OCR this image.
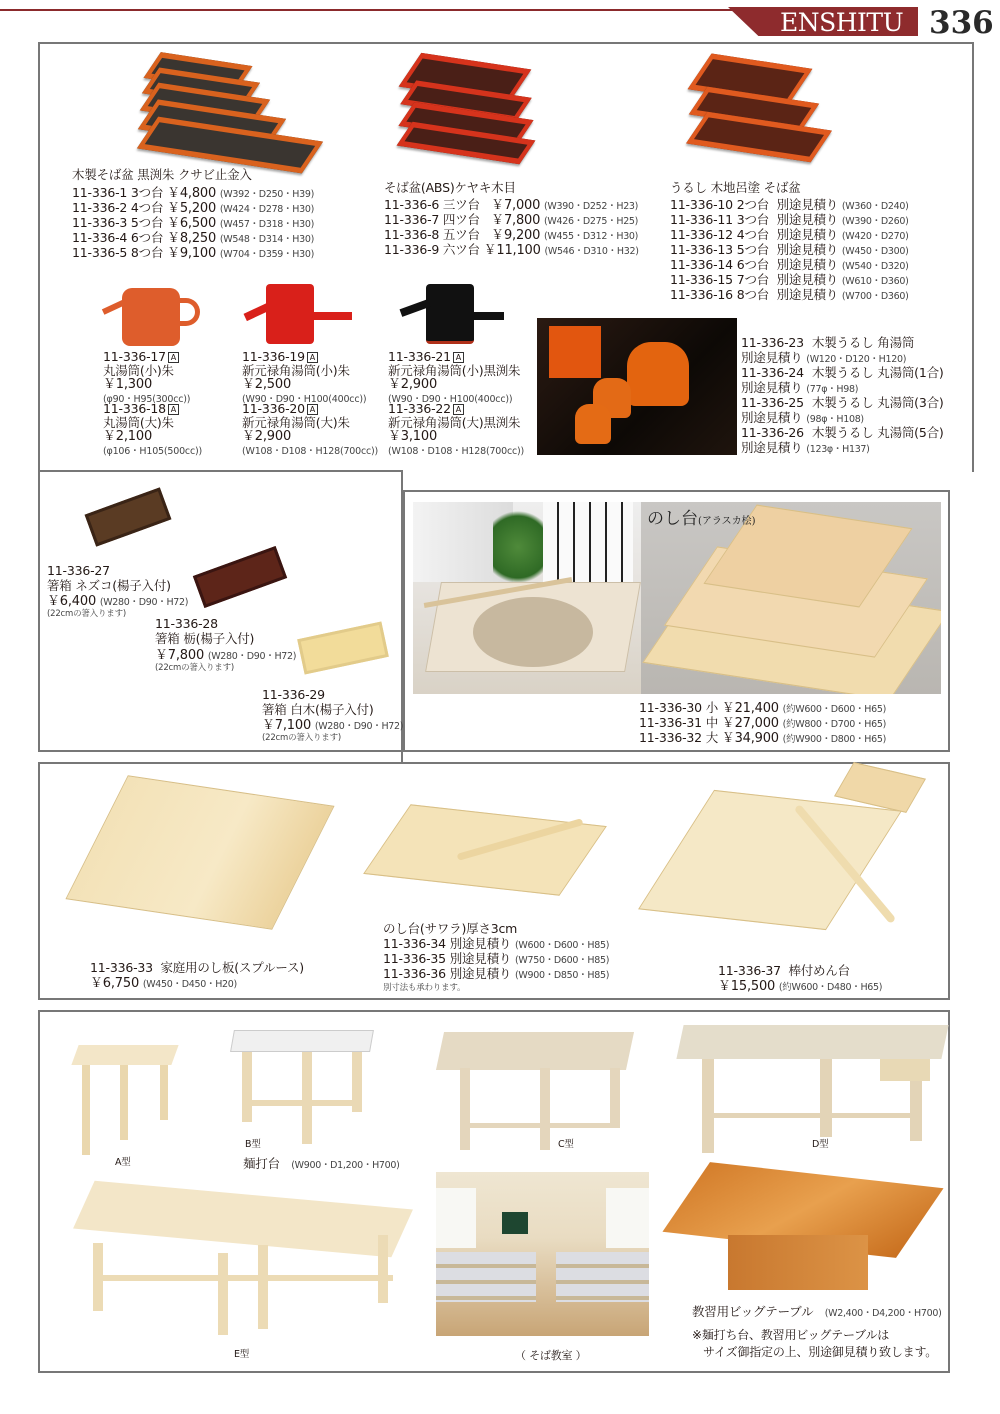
ENSHITU 336
木製そば盆 黒渕朱 クサビ止金入
11-336-1 3つ台 ￥4,800 (W392・D250・H39)
11-336-2 4つ台 ￥5,200 (W424・D278・H30)
11-336-3 5つ台 ￥6,500 (W457・D318・H30)
11-336-4 6つ台 ￥8,250 (W548・D314・H30)
11-336-5 8つ台 ￥9,100 (W704・D359・H30)
そば盆(ABS)ケヤキ木目
11-336-6 三ツ台 ￥7,000 (W390・D252・H23)
11-336-7 四ツ台 ￥7,800 (W426・D275・H25)
11-336-8 五ツ台 ￥9,200 (W455・D312・H30)
11-336-9 六ツ台 ￥11,100 (W546・D310・H32)
うるし 木地呂塗 そば盆
11-336-10 2つ台 別途見積り (W360・D240)
11-336-11 3つ台 別途見積り (W390・D260)
11-336-12 4つ台 別途見積り (W420・D270)
11-336-13 5つ台 別途見積り (W450・D300)
11-336-14 6つ台 別途見積り (W540・D320)
11-336-15 7つ台 別途見積り (W610・D360)
11-336-16 8つ台 別途見積り (W700・D360)
11-336-17 A
丸湯筒(小)朱
￥1,300
(φ90・H95(300cc))
11-336-18 A
丸湯筒(大)朱
￥2,100
(φ106・H105(500cc))
11-336-19 A
新元禄角湯筒(小)朱
￥2,500
(W90・D90・H100(400cc))
11-336-20 A
新元禄角湯筒(大)朱
￥2,900
(W108・D108・H128(700cc))
11-336-21 A
新元禄角湯筒(小)黒渕朱
￥2,900
(W90・D90・H100(400cc))
11-336-22 A
新元禄角湯筒(大)黒渕朱
￥3,100
(W108・D108・H128(700cc))
11-336-23 木製うるし 角湯筒
別途見積り (W120・D120・H120)
11-336-24 木製うるし 丸湯筒(1合)
別途見積り (77φ・H98)
11-336-25 木製うるし 丸湯筒(3合)
別途見積り (98φ・H108)
11-336-26 木製うるし 丸湯筒(5合)
別途見積り (123φ・H137)
11-336-27
箸箱 ネズコ(楊子入付)
￥6,400 (W280・D90・H72)
(22cmの箸入ります)
11-336-28
箸箱 栃(楊子入付)
￥7,800 (W280・D90・H72)
(22cmの箸入ります)
11-336-29
箸箱 白木(楊子入付)
￥7,100 (W280・D90・H72)
(22cmの箸入ります)
のし台(アラスカ桧)
11-336-30 小 ￥21,400 (約W600・D600・H65)
11-336-31 中 ￥27,000 (約W800・D700・H65)
11-336-32 大 ￥34,900 (約W900・D800・H65)
11-336-33 家庭用のし板(スプルース)
￥6,750 (W450・D450・H20)
のし台(サワラ)厚さ3cm
11-336-34 別途見積り (W600・D600・H85)
11-336-35 別途見積り (W750・D600・H85)
11-336-36 別途見積り (W900・D850・H85)
別寸法も承わります。
11-336-37 棒付めん台
￥15,500 (約W600・D480・H65)
A型
B型	C型	D型
E型
麺打台 (W900・D1,200・H700)
（ そば教室 ）
教習用ビッグテーブル (W2,400・D4,200・H700)
※麺打ち台、教習用ビッグテーブルは
サイズ御指定の上、別途御見積り致します。
